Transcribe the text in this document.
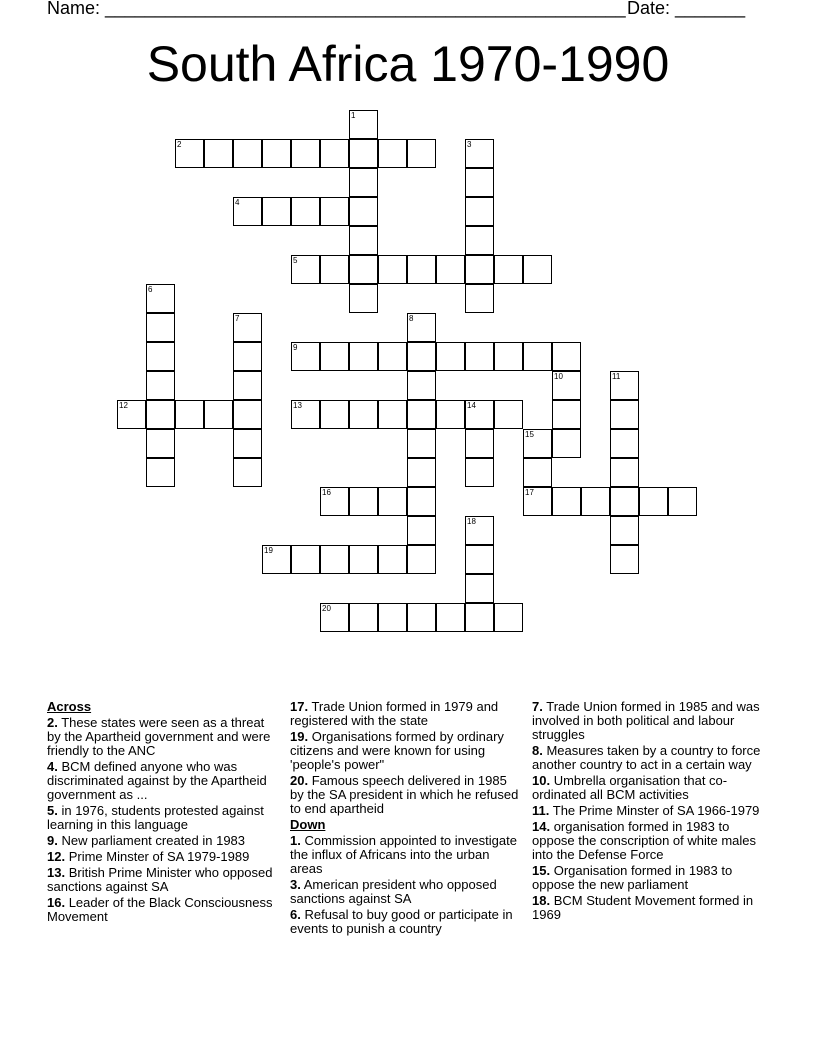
Name: ____________________________________________________ Date: _______
South Africa 1970-1990
1
2	3
4
5
6
7	8
9
10	11
12	13	14
15
17
16
18
19
20
Across
2. These states were seen as a threat by the Apartheid government and were friendly to the ANC
4. BCM defined anyone who was discriminated against by the Apartheid government as ...
5. in 1976, students protested against learning in this language
9. New parliament created in 1983
12. Prime Minster of SA 1979-1989
13. British Prime Minister who opposed sanctions against SA
16. Leader of the Black Consciousness Movement
17. Trade Union formed in 1979 and registered with the state
19. Organisations formed by ordinary citizens and were known for using 'people's power"
20. Famous speech delivered in 1985 by the SA president in which he refused to end apartheid
Down
1. Commission appointed to investigate the influx of Africans into the urban areas
3. American president who opposed sanctions against SA
6. Refusal to buy good or participate in events to punish a country
7. Trade Union formed in 1985 and was involved in both political and labour struggles
8. Measures taken by a country to force another country to act in a certain way
10. Umbrella organisation that co-ordinated all BCM activities
11. The Prime Minster of SA 1966-1979
14. organisation formed in 1983 to oppose the conscription of white males into the Defense Force
15. Organisation formed in 1983 to oppose the new parliament
18. BCM Student Movement formed in 1969
